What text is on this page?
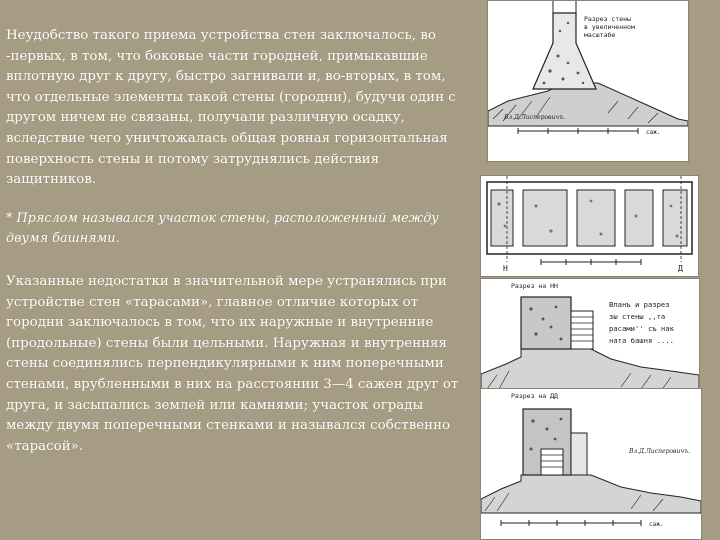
Неудобство такого приема устройства стен заключалось, во -первых, в том, что боковые части городней, примыкавшие вплотную друг к другу, быстро загнивали и, во-вторых, в том, что отдельные элементы такой стены (городни), будучи один с другом ничем не связаны, получали различную осадку, вследствие чего уничтожалась общая ровная горизонтальная поверхность стены и потому затруднялись действия защитников.

* Пряслом назывался участок стены, расположенный между двумя башнями.

Указанные недостатки в значительной мере устранялись при устройстве стен «тарасами», главное отличие которых от городни заключалось в том, что их наружные и внутренние (продольные) стены были цельными. Наружная и внутренняя стены соединялись перпендикулярными к ним поперечными стенами, врубленными в них на расстоянии 3—4 сажен друг от друга, и засыпались землей или камнями; участок ограды между двумя поперечными стенками и назывался собственно «тарасой».

Разрез стены
в увеличенном
масштабе
Вл.Д.Лисперовичъ.
саж.
H	Д
Разрез на НН
Вланъ и разрез
зы стены ,,та
расами'' съ нак
ната башня ....
Разрез на ДД
Вл.Д.Лисперовичъ.
саж.
